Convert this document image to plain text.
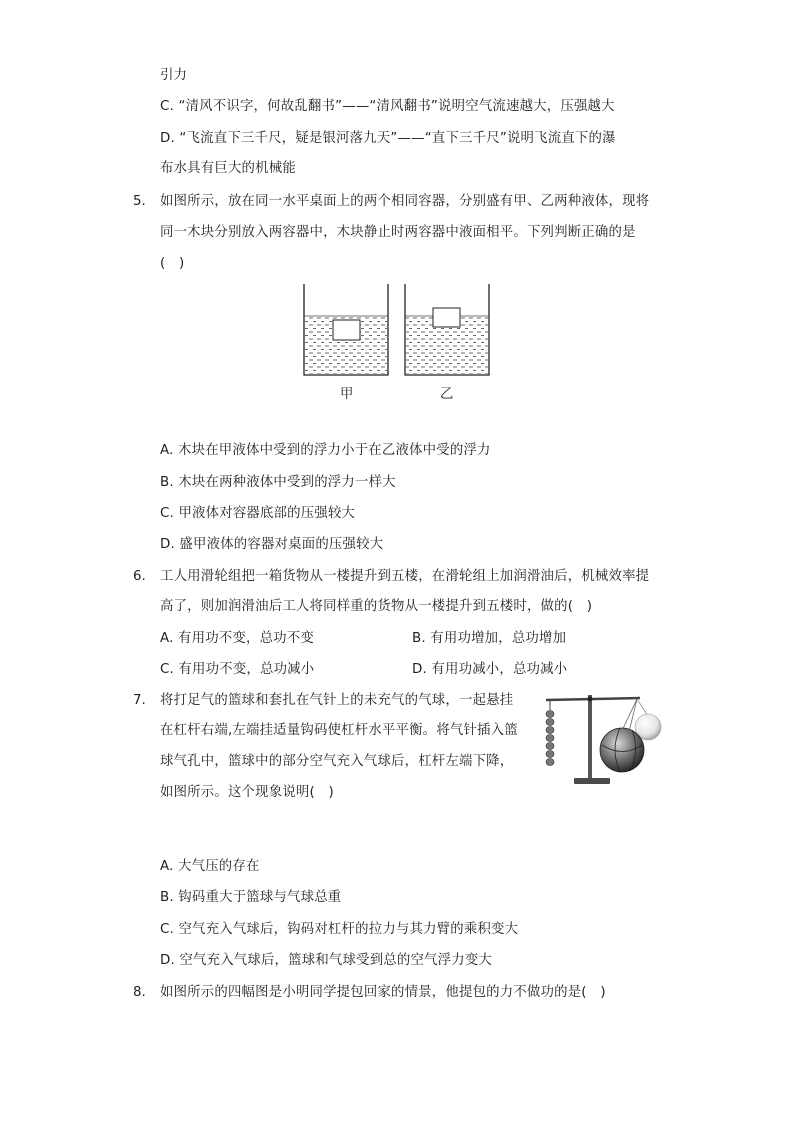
引力
C. “清风不识字，何故乱翻书”——“清风翻书”说明空气流速越大，压强越大
D. “飞流直下三千尺，疑是银河落九天”——“直下三千尺”说明飞流直下的瀑
布水具有巨大的机械能
5. 如图所示，放在同一水平桌面上的两个相同容器，分别盛有甲、乙两种液体，现将
同一木块分别放入两容器中，木块静止时两容器中液面相平。下列判断正确的是
(　)
甲	乙
A. 木块在甲液体中受到的浮力小于在乙液体中受的浮力
B. 木块在两种液体中受到的浮力一样大
C. 甲液体对容器底部的压强较大
D. 盛甲液体的容器对桌面的压强较大
6. 工人用滑轮组把一箱货物从一楼提升到五楼，在滑轮组上加润滑油后，机械效率提
高了，则加润滑油后工人将同样重的货物从一楼提升到五楼时，做的(　)
A. 有用功不变，总功不变	B. 有用功增加，总功增加
C. 有用功不变，总功减小	D. 有用功减小，总功减小
7. 将打足气的篮球和套扎在气针上的未充气的气球，一起悬挂
在杠杆右端,左端挂适量钩码使杠杆水平平衡。将气针插入篮
球气孔中，篮球中的部分空气充入气球后，杠杆左端下降，
如图所示。这个现象说明(　)
A. 大气压的存在
B. 钩码重大于篮球与气球总重
C. 空气充入气球后，钩码对杠杆的拉力与其力臂的乘积变大
D. 空气充入气球后，篮球和气球受到总的空气浮力变大
8. 如图所示的四幅图是小明同学提包回家的情景，他提包的力不做功的是(　)
